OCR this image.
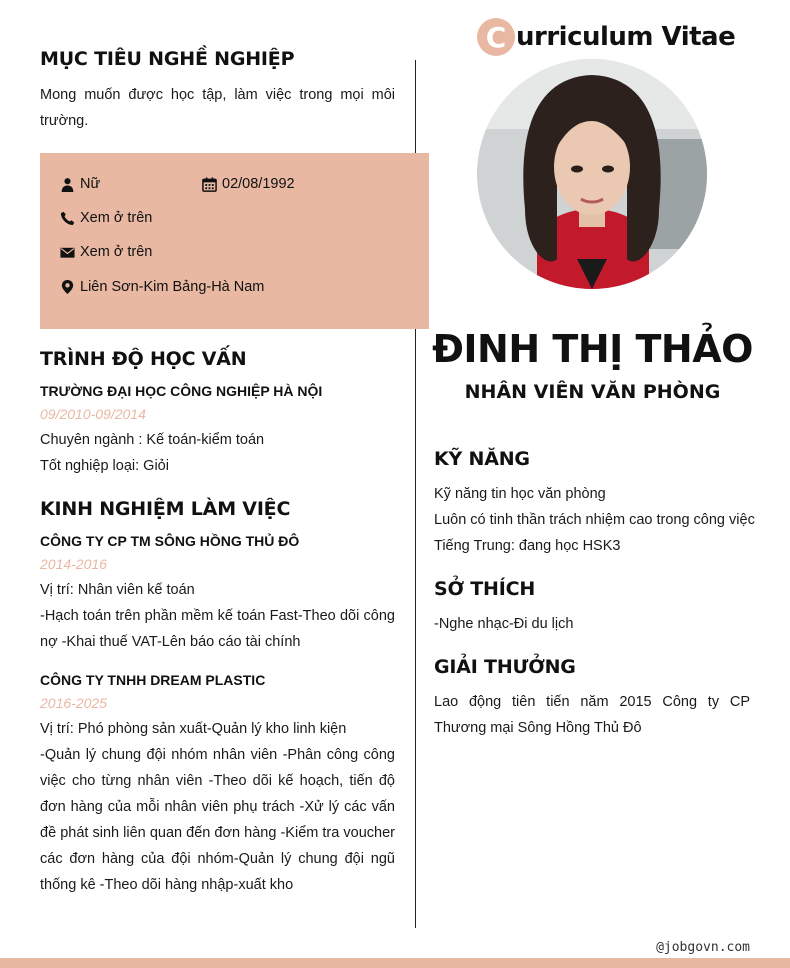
C urriculum Vitae
MỤC TIÊU NGHỀ NGHIỆP
Mong muốn được học tập, làm việc trong mọi môi trường.
Nữ	02/08/1992
Xem ở trên
Xem ở trên
Liên Sơn-Kim Bảng-Hà Nam
TRÌNH ĐỘ HỌC VẤN
TRƯỜNG ĐẠI HỌC CÔNG NGHIỆP HÀ NỘI
09/2010-09/2014
Chuyên ngành : Kế toán-kiểm toán
Tốt nghiệp loại: Giỏi
KINH NGHIỆM LÀM VIỆC
CÔNG TY CP TM SÔNG HỒNG THỦ ĐÔ
2014-2016
Vị trí: Nhân viên kế toán
-Hạch toán trên phần mềm kế toán Fast-Theo dõi công nợ -Khai thuế VAT-Lên báo cáo tài chính
CÔNG TY TNHH DREAM PLASTIC
2016-2025
Vị trí: Phó phòng sản xuất-Quản lý kho linh kiện
-Quản lý chung đội nhóm nhân viên -Phân công công việc cho từng nhân viên -Theo dõi kế hoạch, tiến độ đơn hàng của mỗi nhân viên phụ trách -Xử lý các vấn đề phát sinh liên quan đến đơn hàng -Kiểm tra voucher các đơn hàng của đội nhóm-Quản lý chung đội ngũ thống kê -Theo dõi hàng nhập-xuất kho
ĐINH THỊ THẢO
NHÂN VIÊN VĂN PHÒNG
KỸ NĂNG
Kỹ năng tin học văn phòng
Luôn có tinh thần trách nhiệm cao trong công việc
Tiếng Trung: đang học HSK3
SỞ THÍCH
-Nghe nhạc-Đi du lịch
GIẢI THƯỞNG
Lao động tiên tiến năm 2015 Công ty CP Thương mại Sông Hồng Thủ Đô
@jobgovn.com
